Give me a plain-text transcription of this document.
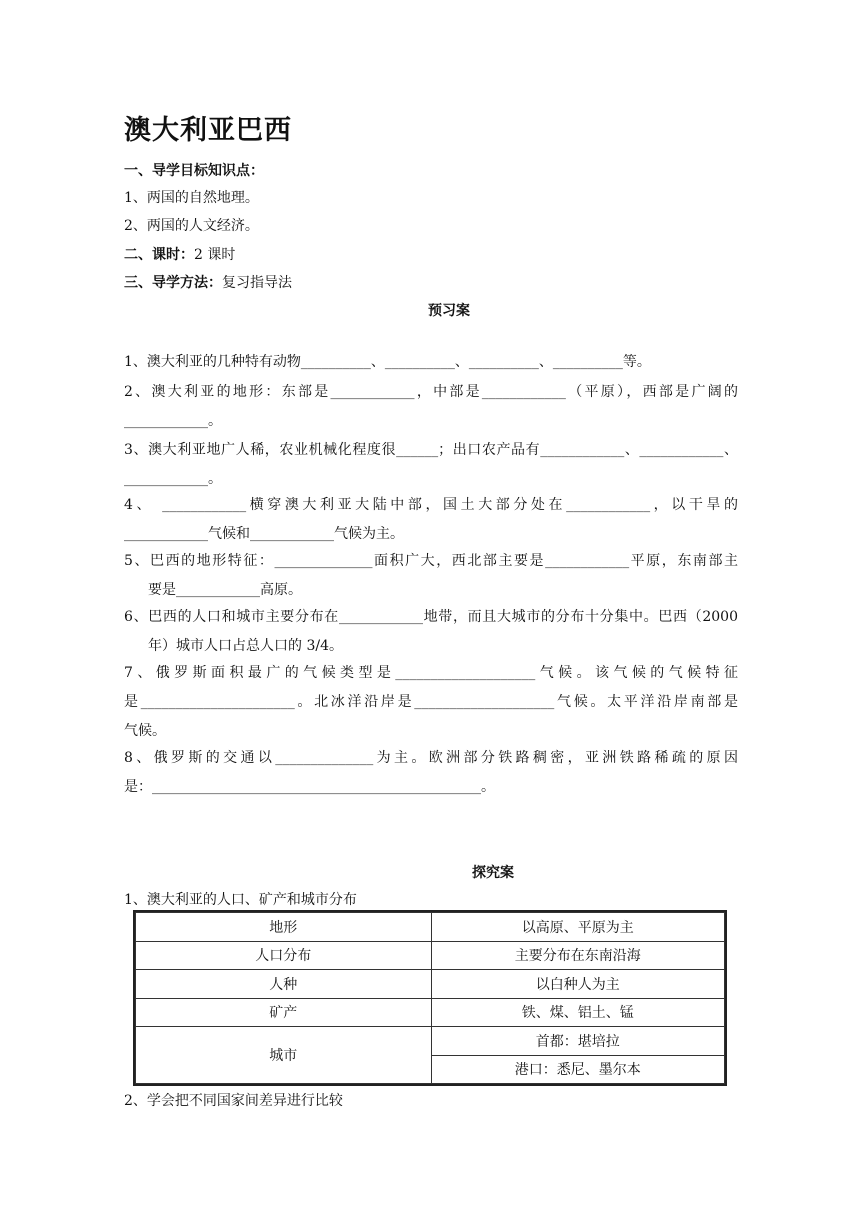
澳大利亚巴西
一、导学目标知识点：
1、两国的自然地理。
2、两国的人文经济。
二、课时：2 课时
三、导学方法：复习指导法
预习案
1、澳大利亚的几种特有动物__________、__________、__________、__________等。
2、澳大利亚的地形：东部是____________，中部是____________（平原），西部是广阔的
____________。
3、澳大利亚地广人稀，农业机械化程度很______；出口农产品有____________、____________、
____________。
4、 ____________横穿澳大利亚大陆中部，国土大部分处在____________，以干旱的
____________气候和____________气候为主。
5、巴西的地形特征：______________面积广大，西北部主要是____________平原，东南部主
要是____________高原。
6、巴西的人口和城市主要分布在____________地带，而且大城市的分布十分集中。巴西（2000
年）城市人口占总人口的 3/4。
7、俄罗斯面积最广的气候类型是____________________气候。该气候的气候特征
是______________________。北冰洋沿岸是____________________气候。太平洋沿岸南部是
气候。
8、俄罗斯的交通以______________为主。欧洲部分铁路稠密，亚洲铁路稀疏的原因
是：_______________________________________________。
探究案
1、澳大利亚的人口、矿产和城市分布
地形	以高原、平原为主
人口分布	主要分布在东南沿海
人种	以白种人为主
矿产	铁、煤、铝土、锰
城市	首都：堪培拉
	港口：悉尼、墨尔本
2、学会把不同国家间差异进行比较
